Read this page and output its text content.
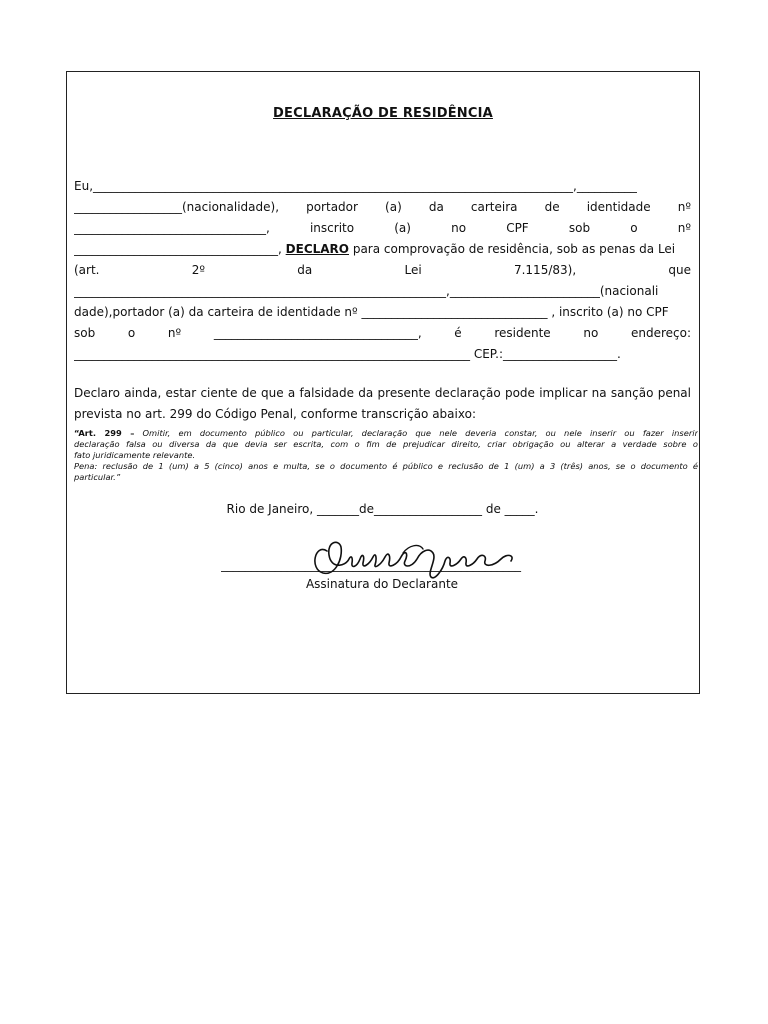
DECLARAÇÃO DE RESIDÊNCIA
Eu,________________________________________________________________________________,__________
__________________(nacionalidade), portador (a) da carteira de identidade nº
________________________________, inscrito (a) no CPF sob o nº
__________________________________, DECLARO para comprovação de residência, sob as penas da Lei
(art. 2º da Lei 7.115/83), que
______________________________________________________________,_________________________(nacionali
dade),portador (a) da carteira de identidade nº _______________________________ , inscrito (a) no CPF
sob o nº __________________________________, é residente no endereço:
__________________________________________________________________ CEP.:___________________.
Declaro ainda, estar ciente de que a falsidade da presente declaração pode implicar na sanção penal
prevista no art. 299 do Código Penal, conforme transcrição abaixo:
“Art. 299 – Omitir, em documento público ou particular, declaração que nele deveria constar, ou nele inserir ou fazer inserir
declaração falsa ou diversa da que devia ser escrita, com o fim de prejudicar direito, criar obrigação ou alterar a verdade sobre o
fato juridicamente relevante.
Pena: reclusão de 1 (um) a 5 (cinco) anos e multa, se o documento é público e reclusão de 1 (um) a 3 (três) anos, se o documento é
particular.”
Rio de Janeiro, _______de__________________ de _____.
__________________________________________________
Assinatura do Declarante
